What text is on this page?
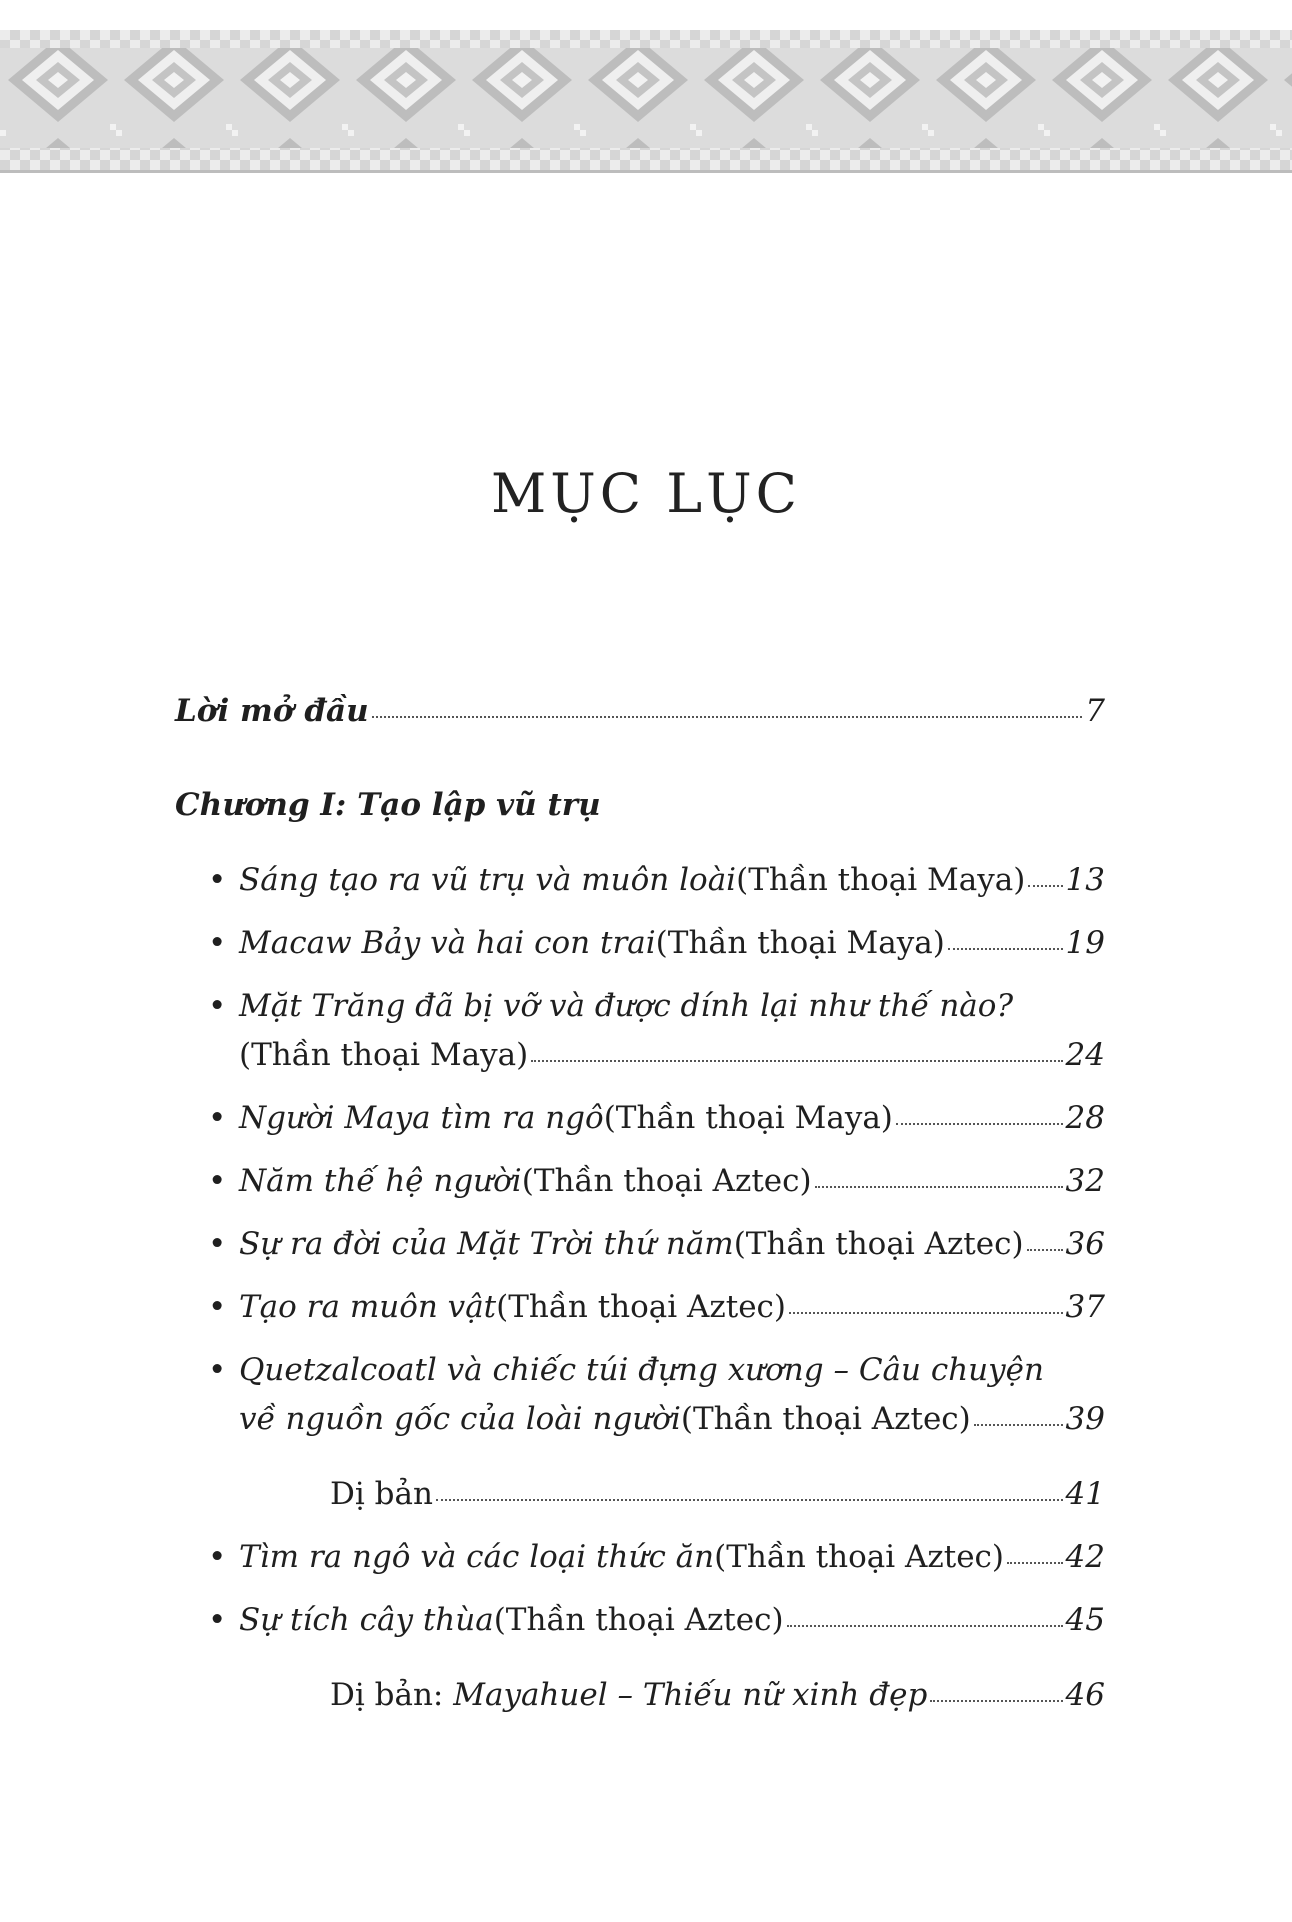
MỤC LỤC
Lời mở đầu	7
Chương I: Tạo lập vũ trụ
• Sáng tạo ra vũ trụ và muôn loài (Thần thoại Maya) 13
• Macaw Bảy và hai con trai (Thần thoại Maya)	19
• Mặt Trăng đã bị vỡ và được dính lại như thế nào?
(Thần thoại Maya)	24
• Người Maya tìm ra ngô (Thần thoại Maya)	28
• Năm thế hệ người (Thần thoại Aztec)	32
• Sự ra đời của Mặt Trời thứ năm (Thần thoại Aztec) 36
• Tạo ra muôn vật (Thần thoại Aztec)	37
• Quetzalcoatl và chiếc túi đựng xương – Câu chuyện
về nguồn gốc của loài người (Thần thoại Aztec)	39
Dị bản	41
• Tìm ra ngô và các loại thức ăn (Thần thoại Aztec) 42
• Sự tích cây thùa (Thần thoại Aztec)	45
Dị bản: Mayahuel – Thiếu nữ xinh đẹp	46
